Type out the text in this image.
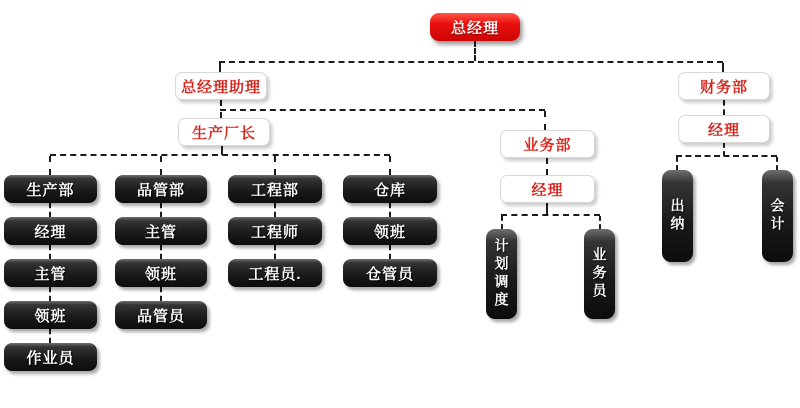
总经理
总经理助理	财务部
生产厂长
业务部
经理
经理
生产部
经理
主管
领班
作业员
品管部
主管
领班
品管员
工程部
工程师
工程员.
仓库
领班
仓管员	计划调度	业务员
出纳	会计
